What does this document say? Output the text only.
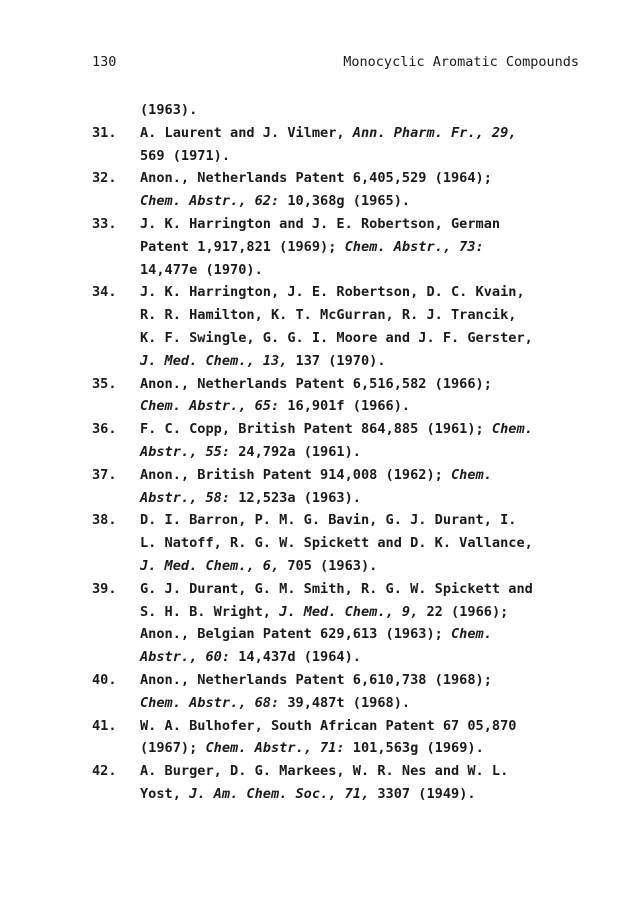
130	Monocyclic Aromatic Compounds
(1963).
31. A. Laurent and J. Vilmer, Ann. Pharm. Fr., 29,
569 (1971).
32. Anon., Netherlands Patent 6,405,529 (1964);
Chem. Abstr., 62: 10,368g (1965).
33. J. K. Harrington and J. E. Robertson, German
Patent 1,917,821 (1969); Chem. Abstr., 73:
14,477e (1970).
34. J. K. Harrington, J. E. Robertson, D. C. Kvain,
R. R. Hamilton, K. T. McGurran, R. J. Trancik,
K. F. Swingle, G. G. I. Moore and J. F. Gerster,
J. Med. Chem., 13, 137 (1970).
35. Anon., Netherlands Patent 6,516,582 (1966);
Chem. Abstr., 65: 16,901f (1966).
36. F. C. Copp, British Patent 864,885 (1961); Chem.
Abstr., 55: 24,792a (1961).
37. Anon., British Patent 914,008 (1962); Chem.
Abstr., 58: 12,523a (1963).
38. D. I. Barron, P. M. G. Bavin, G. J. Durant, I.
L. Natoff, R. G. W. Spickett and D. K. Vallance,
J. Med. Chem., 6, 705 (1963).
39. G. J. Durant, G. M. Smith, R. G. W. Spickett and
S. H. B. Wright, J. Med. Chem., 9, 22 (1966);
Anon., Belgian Patent 629,613 (1963); Chem.
Abstr., 60: 14,437d (1964).
40. Anon., Netherlands Patent 6,610,738 (1968);
Chem. Abstr., 68: 39,487t (1968).
41. W. A. Bulhofer, South African Patent 67 05,870
(1967); Chem. Abstr., 71: 101,563g (1969).
42. A. Burger, D. G. Markees, W. R. Nes and W. L.
Yost, J. Am. Chem. Soc., 71, 3307 (1949).
